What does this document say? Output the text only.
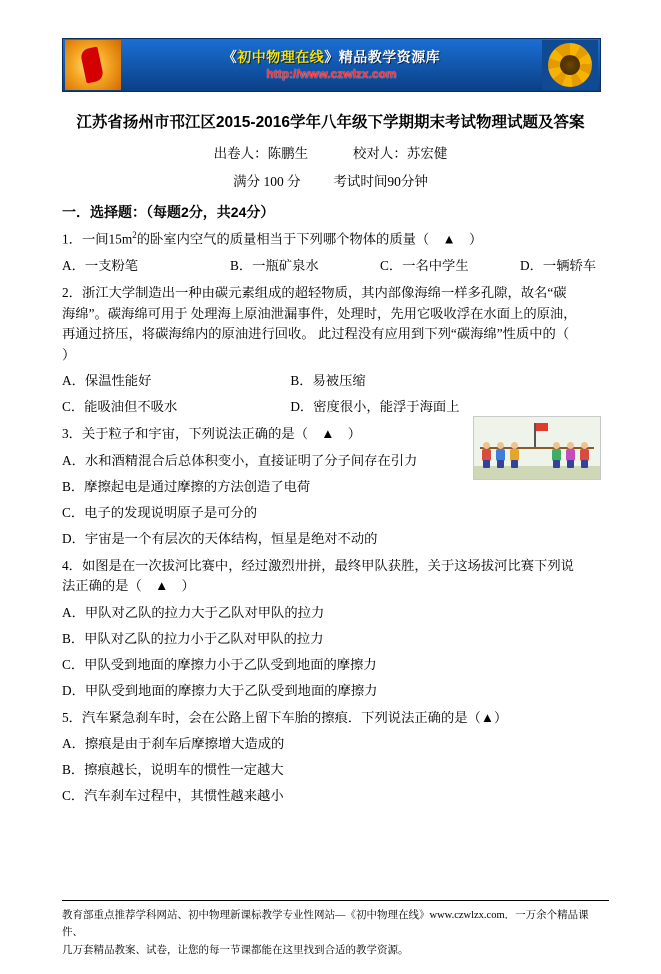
《初中物理在线》精品教学资源库
http://www.czwlzx.com
江苏省扬州市邗江区2015-2016学年八年级下学期期末考试物理试题及答案
出卷人：陈鹏生	校对人：苏宏健
满分 100 分 考试时间90分钟
一．选择题：（每题2分，共24分）

1．一间$15m^2$的卧室内空气的质量相当于下列哪个物体的质量（　▲　）

A．一支粉笔	B．一瓶矿泉水	C．一名中学生	D．一辆轿车

2．浙江大学制造出一种由碳元素组成的超轻物质，其内部像海绵一样多孔隙，故名“碳

海绵”。碳海绵可用于 处理海上原油泄漏事件，处理时，先用它吸收浮在水面上的原油，

再通过挤压，将碳海绵内的原油进行回收。 此过程没有应用到下列“碳海绵”性质中的（

）

A．保温性能好	B．易被压缩
C．能吸油但不吸水	D．密度很小，能浮于海面上

3．关于粒子和宇宙，下列说法正确的是（　▲　）

A．水和酒精混合后总体积变小，直接证明了分子间存在引力
B．摩擦起电是通过摩擦的方法创造了电荷
C．电子的发现说明原子是可分的
D．宇宙是一个有层次的天体结构，恒星是绝对不动的

4．如图是在一次拔河比赛中，经过激烈卅拼，最终甲队获胜，关于这场拔河比赛下列说

法正确的是（　▲　）

A．甲队对乙队的拉力大于乙队对甲队的拉力
B．甲队对乙队的拉力小于乙队对甲队的拉力
C．甲队受到地面的摩擦力小于乙队受到地面的摩擦力
D．甲队受到地面的摩擦力大于乙队受到地面的摩擦力

5．汽车紧急刹车时，会在公路上留下车胎的擦痕．下列说法正确的是（▲）

A．擦痕是由于刹车后摩擦增大造成的
B．擦痕越长，说明车的惯性一定越大
C．汽车刹车过程中，其惯性越来越小

教育部重点推荐学科网站、初中物理新课标教学专业性网站—《初中物理在线》www.czwlzx.com．一万余个精品课件、

几万套精品教案、试卷，让您的每一节课都能在这里找到合适的教学资源。
